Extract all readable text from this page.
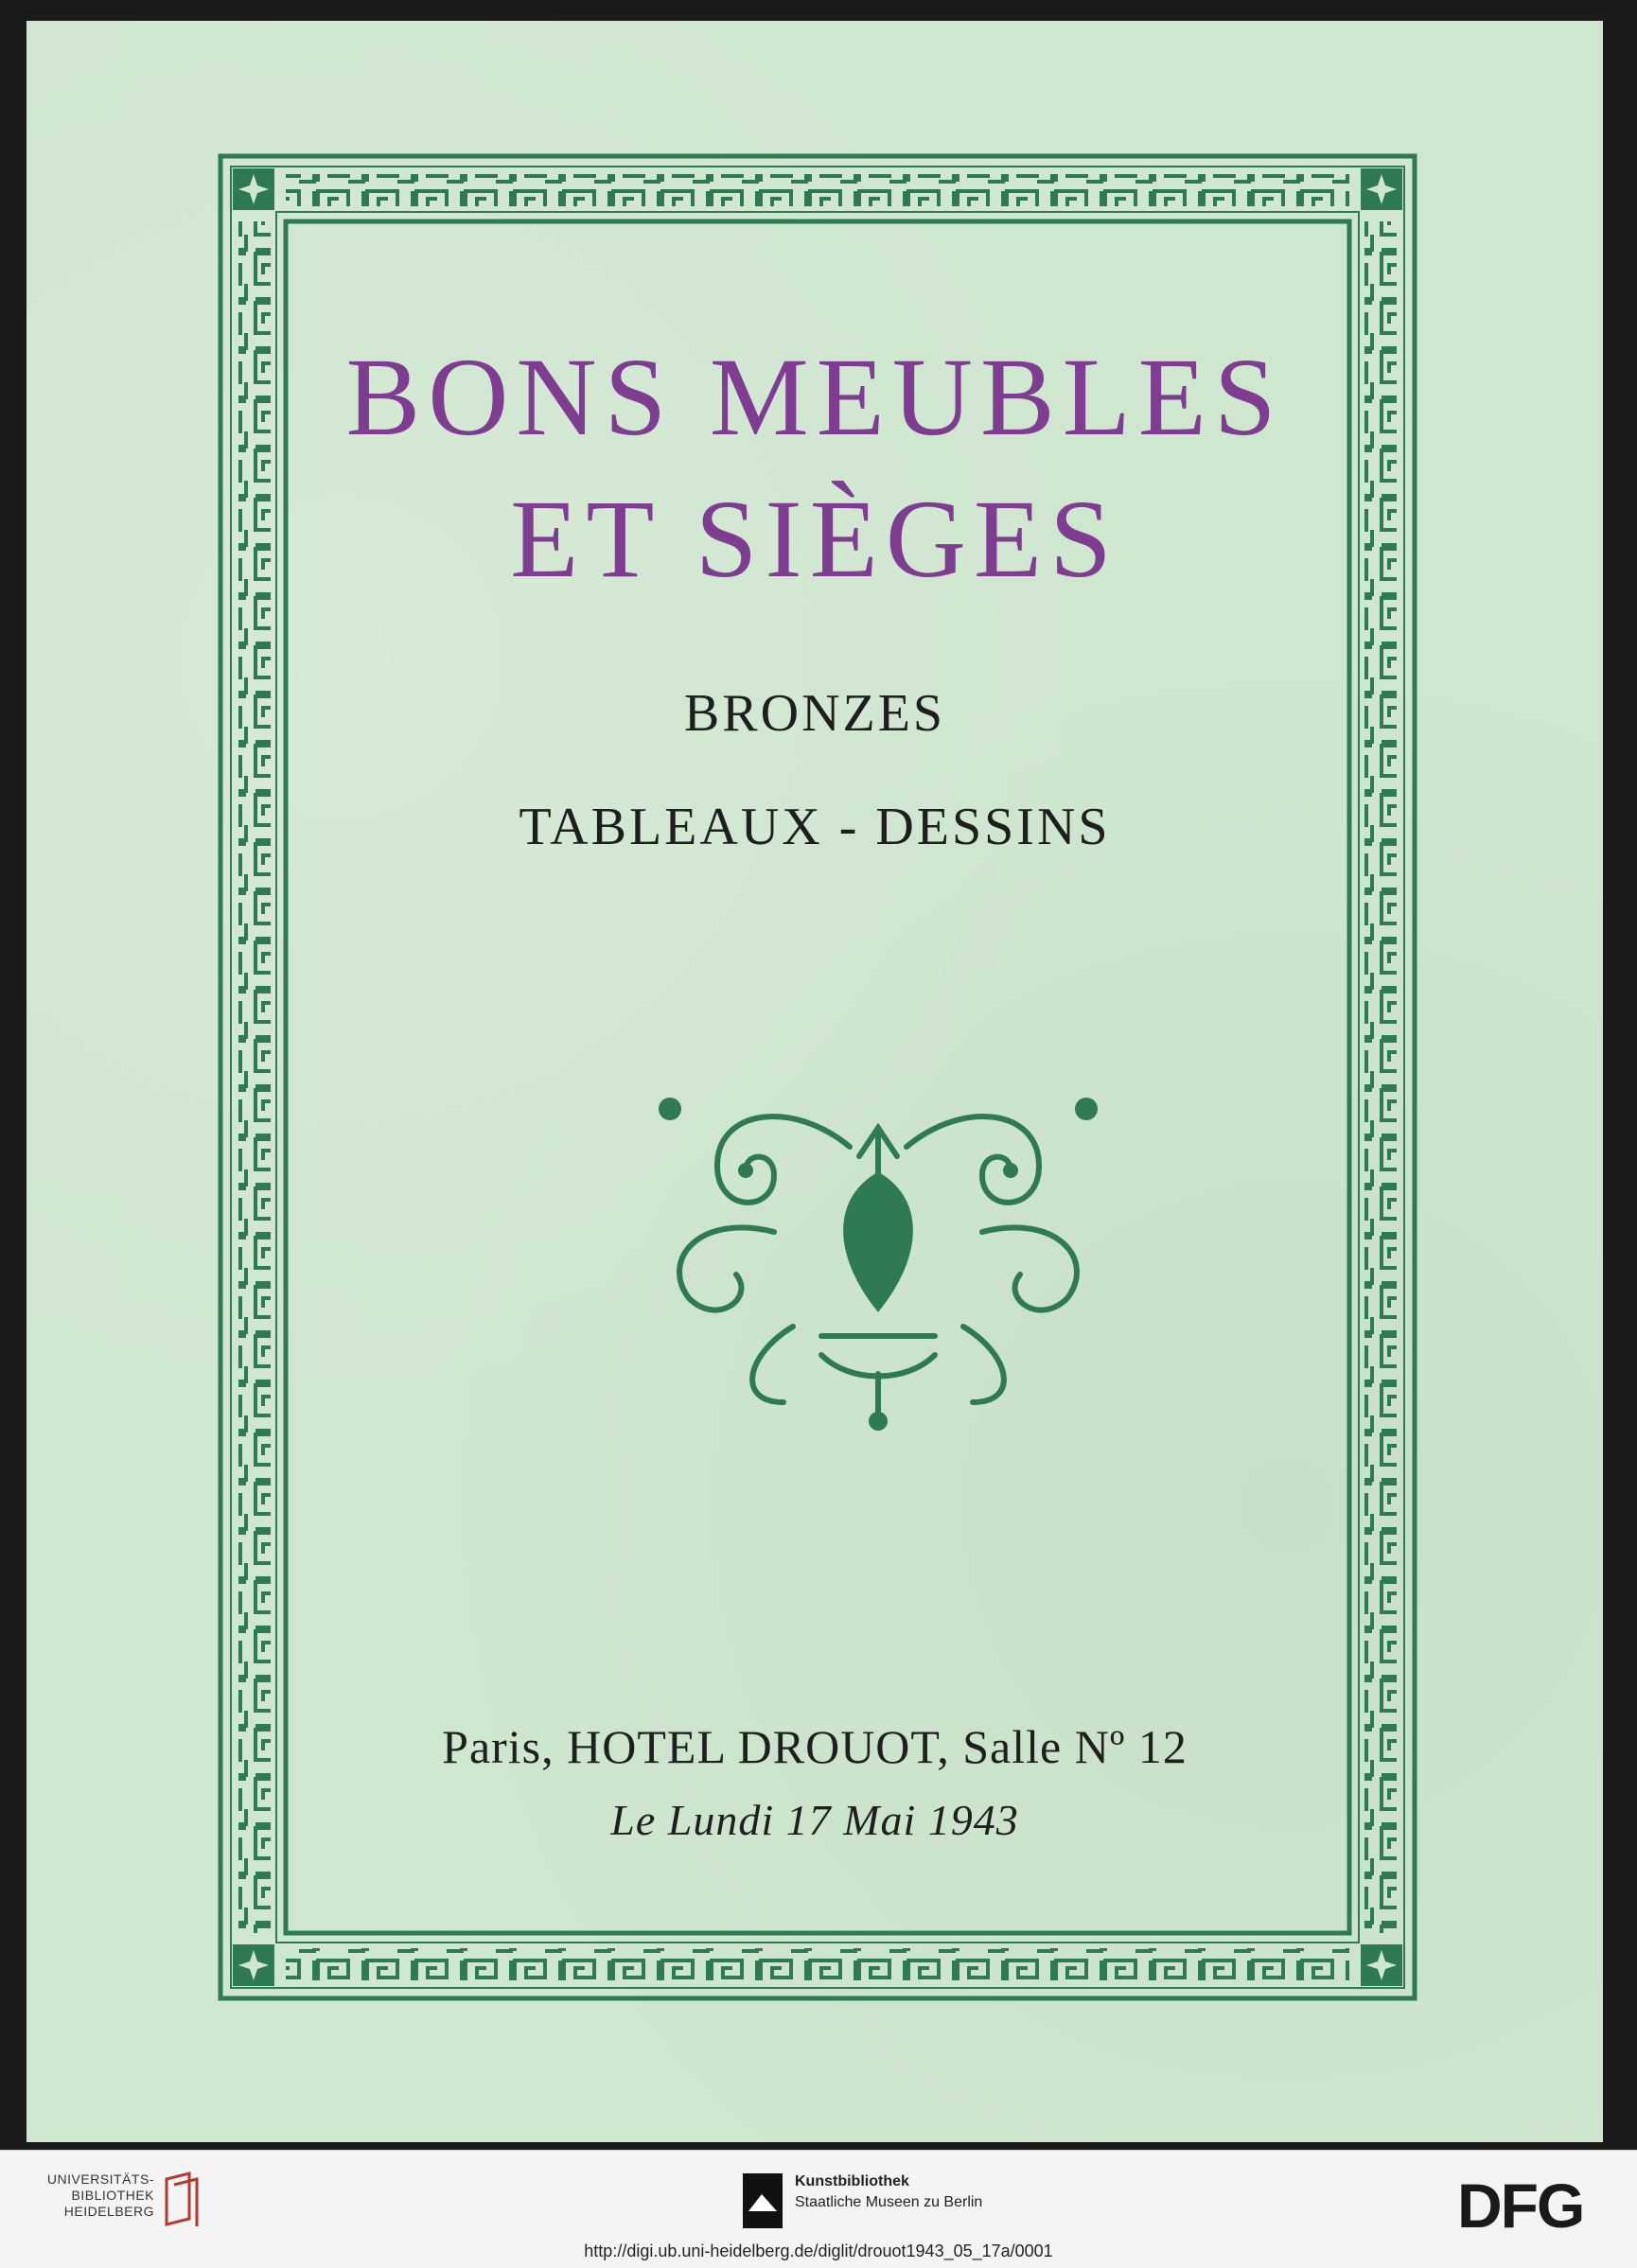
BONS MEUBLES
ET SIÈGES
BRONZES
TABLEAUX - DESSINS
Paris, HOTEL DROUOT, Salle Nº 12
Le Lundi 17 Mai 1943
UNIVERSITÄTS-
BIBLIOTHEK
HEIDELBERG
Kunstbibliothek
Staatliche Museen zu Berlin	DFG
http://digi.ub.uni-heidelberg.de/diglit/drouot1943_05_17a/0001
